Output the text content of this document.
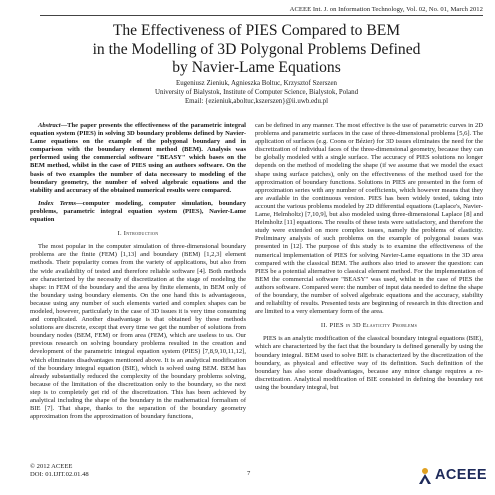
ACEEE Int. J. on Information Technology, Vol. 02, No. 01, March 2012
The Effectiveness of PIES Compared to BEM
in the Modelling of 3D Polygonal Problems Defined
by Navier-Lame Equations
Eugeniusz Zieniuk, Agnieszka Boltuc, Krzysztof Szerszen
University of Bialystok, Institute of Computer Science, Bialystok, Poland
Email: {ezieniuk,aboltuc,kszerszen}@ii.uwb.edu.pl

Abstract—The paper presents the effectiveness of the parametric integral equation system (PIES) in solving 3D boundary problems defined by Navier-Lame equations on the example of the polygonal boundary and in comparison with the boundary element method (BEM). Analysis was performed using the commercial software "BEASY" which bases on the BEM method, whilst in the case of PIES using an authors software. On the basis of two examples the number of data necessary to modeling of the boundary geometry, the number of solved algebraic equations and the stability and accuracy of the obtained numerical results were compared.

Index Terms—computer modeling, computer simulation, boundary problems, parametric integral equation system (PIES), Navier-Lame equation

I. Introduction

The most popular in the computer simulation of three-dimensional boundary problems are the finite (FEM) [1,13] and boundary (BEM) [1,2,3] element methods. Their popularity comes from the variety of applications, but also from the wide availability of tested and therefore reliable software [4]. Both methods are characterized by the necessity of discretization at the stage of modeling the shape: in FEM of the boundary and the area by finite elements, in BEM only of the boundary using boundary elements. On the one hand this is advantageous, because using any number of such elements varied and complex shapes can be modeled, however, particularly in the case of 3D issues it is very time consuming and complicated. Another disadvantage is that obtained by these methods solutions are discrete, except that every time we get the number of solutions from boundary nodes (BEM, FEM) or from area (FEM), which are useless to us. Our previous research on solving boundary problems resulted in the creation and development of the parametric integral equation system (PIES) [7,8,9,10,11,12], which eliminates disadvantages mentioned above. It is an analytical modification of the boundary integral equation (BIE), which is solved using BEM. BEM has already substantially reduced the complexity of the boundary problems solving, because of the limitation of the discretization only to the boundary, so the next step is to completely get rid of the discretization. This has been achieved by analytical including the shape of the boundary in the mathematical formalism of BIE [7]. That shape, thanks to the separation of the boundary geometry approximation from the approximation of boundary functions,

can be defined in any manner. The most effective is the use of parametric curves in 2D problems and parametric surfaces in the case of three-dimensional problems [5,6]. The application of surfaces (e.g. Coons or Bézier) for 3D issues eliminates the need for the discretization of individual faces of the three-dimensional geometry, because they can be globally modeled with a single surface. The accuracy of PIES solutions no longer depends on the method of modeling the shape (if we assume that we model the exact shape using surface patches), only on the effectiveness of the method used for the approximation of boundary functions. Solutions in PIES are presented in the form of approximation series with any number of coefficients, which however means that they are available in the continuous version. PIES has been widely tested, taking into account the various problems modeled by 2D differential equations (Laplace's, Navier-Lame, Helmholtz) [7,10,9], but also modeled using three-dimensional Laplace [8] and Helmholtz [11] equations. The results of these tests were satisfactory, and therefore the study were extended on more complex issues, namely the problems of elasticity. Preliminary analysis of such problems on the example of polygonal issues was presented in [12]. The purpose of this study is to examine the effectiveness of the numerical implementation of PIES for solving Navier-Lame equations in the 3D area compared with the classical BEM. The authors also tried to answer the question: can PIES be a potential alternative to classical element method. For the implementation of BEM the commercial software "BEASY" was used, whilst in the case of PIES the authors software. Compared were: the number of input data needed to define the shape of the boundary, the number of solved algebraic equations and the accuracy, stability and reliability of results. Presented tests are beginning of research in this direction and are limited to a very elementary form of the area.

II. PIES in 3D Elasticity Problems

PIES is an analytic modification of the classical boundary integral equations (BIE), which are characterized by the fact that the boundary is defined generally by using the boundary integral. BEM used to solve BIE is characterized by the discretization of the boundary, as physical and effective way of its definition. Such definition of the boundary has also some disadvantages, because any minor change requires a re-discretization. Analytical modification of BIE consisted in defining the boundary not using the boundary integral, but

© 2012 ACEEE
DOI: 01.IJIT.02.01.48	7	ACEEE
